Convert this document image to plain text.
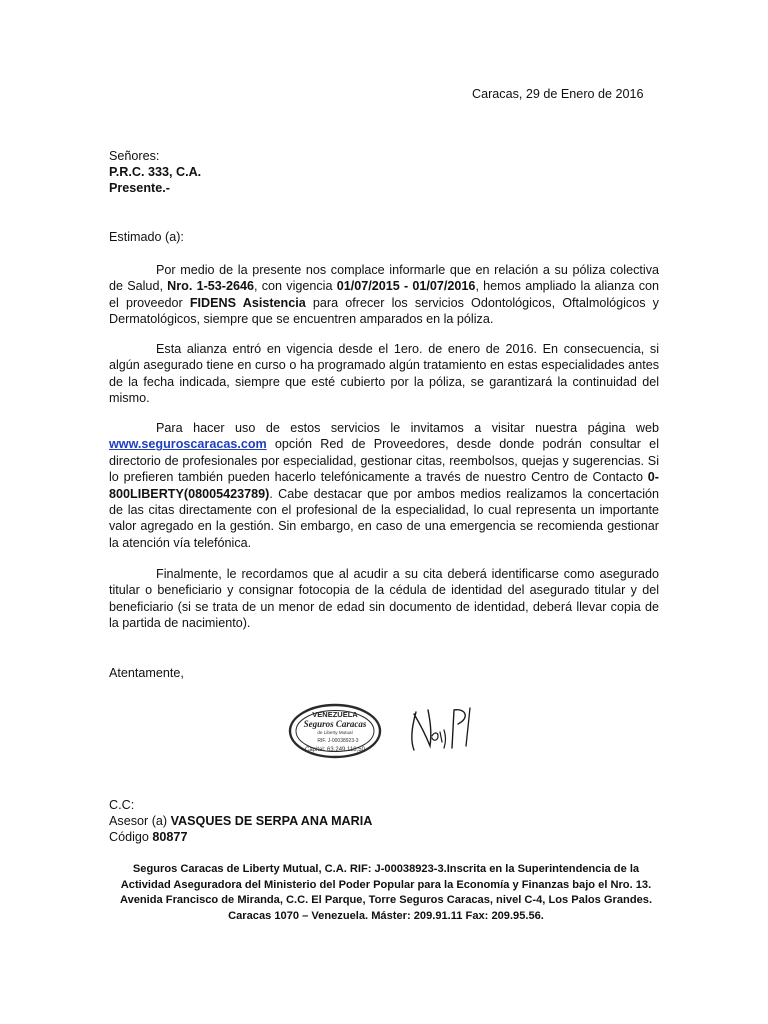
Caracas, 29 de Enero de 2016
Señores:
P.R.C. 333, C.A.
Presente.-
Estimado (a):

Por medio de la presente nos complace informarle que en relación a su póliza colectiva de Salud, Nro. 1-53-2646, con vigencia 01/07/2015 - 01/07/2016, hemos ampliado la alianza con el proveedor FIDENS Asistencia para ofrecer los servicios Odontológicos, Oftalmológicos y Dermatológicos, siempre que se encuentren amparados en la póliza.

Esta alianza entró en vigencia desde el 1ero. de enero de 2016. En consecuencia, si algún asegurado tiene en curso o ha programado algún tratamiento en estas especialidades antes de la fecha indicada, siempre que esté cubierto por la póliza, se garantizará la continuidad del mismo.

Para hacer uso de estos servicios le invitamos a visitar nuestra página web www.seguroscaracas.com opción Red de Proveedores, desde donde podrán consultar el directorio de profesionales por especialidad, gestionar citas, reembolsos, quejas y sugerencias. Si lo prefieren también pueden hacerlo telefónicamente a través de nuestro Centro de Contacto 0-800LIBERTY(08005423789). Cabe destacar que por ambos medios realizamos la concertación de las citas directamente con el profesional de la especialidad, lo cual representa un importante valor agregado en la gestión. Sin embargo, en caso de una emergencia se recomienda gestionar la atención vía telefónica.

Finalmente, le recordamos que al acudir a su cita deberá identificarse como asegurado titular o beneficiario y consignar fotocopia de la cédula de identidad del asegurado titular y del beneficiario (si se trata de un menor de edad sin documento de identidad, deberá llevar copia de la partida de nacimiento).

Atentamente,
VENEZUELA
Seguros Caracas
de Liberty Mutual
RIF. J-00038923-3
Capital: 63.249.118,50
C.C:
Asesor (a) VASQUES DE SERPA ANA MARIA
Código 80877
Seguros Caracas de Liberty Mutual, C.A. RIF: J-00038923-3.Inscrita en la Superintendencia de la
Actividad Aseguradora del Ministerio del Poder Popular para la Economía y Finanzas bajo el Nro. 13.
Avenida Francisco de Miranda, C.C. El Parque, Torre Seguros Caracas, nivel C-4, Los Palos Grandes.
Caracas 1070 – Venezuela. Máster: 209.91.11 Fax: 209.95.56.
